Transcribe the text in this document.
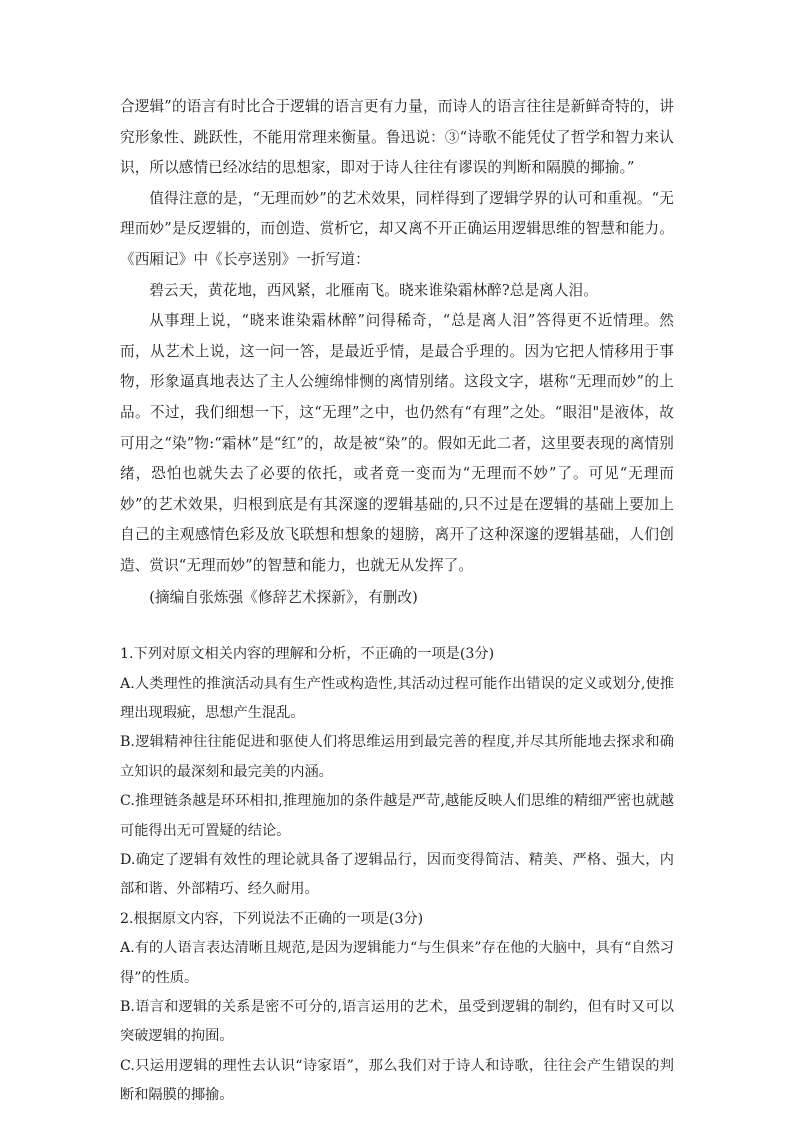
合逻辑”的语言有时比合于逻辑的语言更有力量，而诗人的语言往往是新鲜奇特的，讲究形象性、跳跃性，不能用常理来衡量。鲁迅说：③“诗歌不能凭仗了哲学和智力来认识，所以感情已经冰结的思想家，即对于诗人往往有谬误的判断和隔膜的揶揄。”

值得注意的是，“无理而妙”的艺术效果，同样得到了逻辑学界的认可和重视。“无理而妙”是反逻辑的，而创造、赏析它，却又离不开正确运用逻辑思维的智慧和能力。《西厢记》中《长亭送别》一折写道：

碧云天，黄花地，西风紧，北雁南飞。晓来谁染霜林醉?总是离人泪。

从事理上说，“晓来谁染霜林醉”问得稀奇，“总是离人泪”答得更不近情理。然而，从艺术上说，这一问一答，是最近乎情，是最合乎理的。因为它把人情移用于事物，形象逼真地表达了主人公缠绵悱恻的离情别绪。这段文字，堪称“无理而妙”的上品。不过，我们细想一下，这“无理”之中，也仍然有“有理”之处。“眼泪"是液体，故可用之“染”物:“霜林”是“红”的，故是被“染”的。假如无此二者，这里要表现的离情别绪，恐怕也就失去了必要的依托，或者竟一变而为“无理而不妙”了。可见“无理而妙”的艺术效果，归根到底是有其深邃的逻辑基础的,只不过是在逻辑的基础上要加上自己的主观感情色彩及放飞联想和想象的翅膀，离开了这种深邃的逻辑基础，人们创造、赏识“无理而妙”的智慧和能力，也就无从发挥了。

(摘编自张炼强《修辞艺术探新》，有删改)

1.下列对原文相关内容的理解和分析，不正确的一项是(3分)

A.人类理性的推演活动具有生产性或构造性,其活动过程可能作出错误的定义或划分,使推理出现瑕疵，思想产生混乱。

B.逻辑精神往往能促进和驱使人们将思维运用到最完善的程度,并尽其所能地去探求和确立知识的最深刻和最完美的内涵。

C.推理链条越是环环相扣,推理施加的条件越是严苛,越能反映人们思维的精细严密也就越可能得出无可置疑的结论。

D.确定了逻辑有效性的理论就具备了逻辑品行，因而变得简洁、精美、严格、强大，内部和谐、外部精巧、经久耐用。

2.根据原文内容，下列说法不正确的一项是(3分)

A.有的人语言表达清晰且规范,是因为逻辑能力“与生俱来”存在他的大脑中，具有“自然习得”的性质。

B.语言和逻辑的关系是密不可分的,语言运用的艺术，虽受到逻辑的制约，但有时又可以突破逻辑的拘囿。

C.只运用逻辑的理性去认识“诗家语”，那么我们对于诗人和诗歌，往往会产生错误的判断和隔膜的揶揄。
